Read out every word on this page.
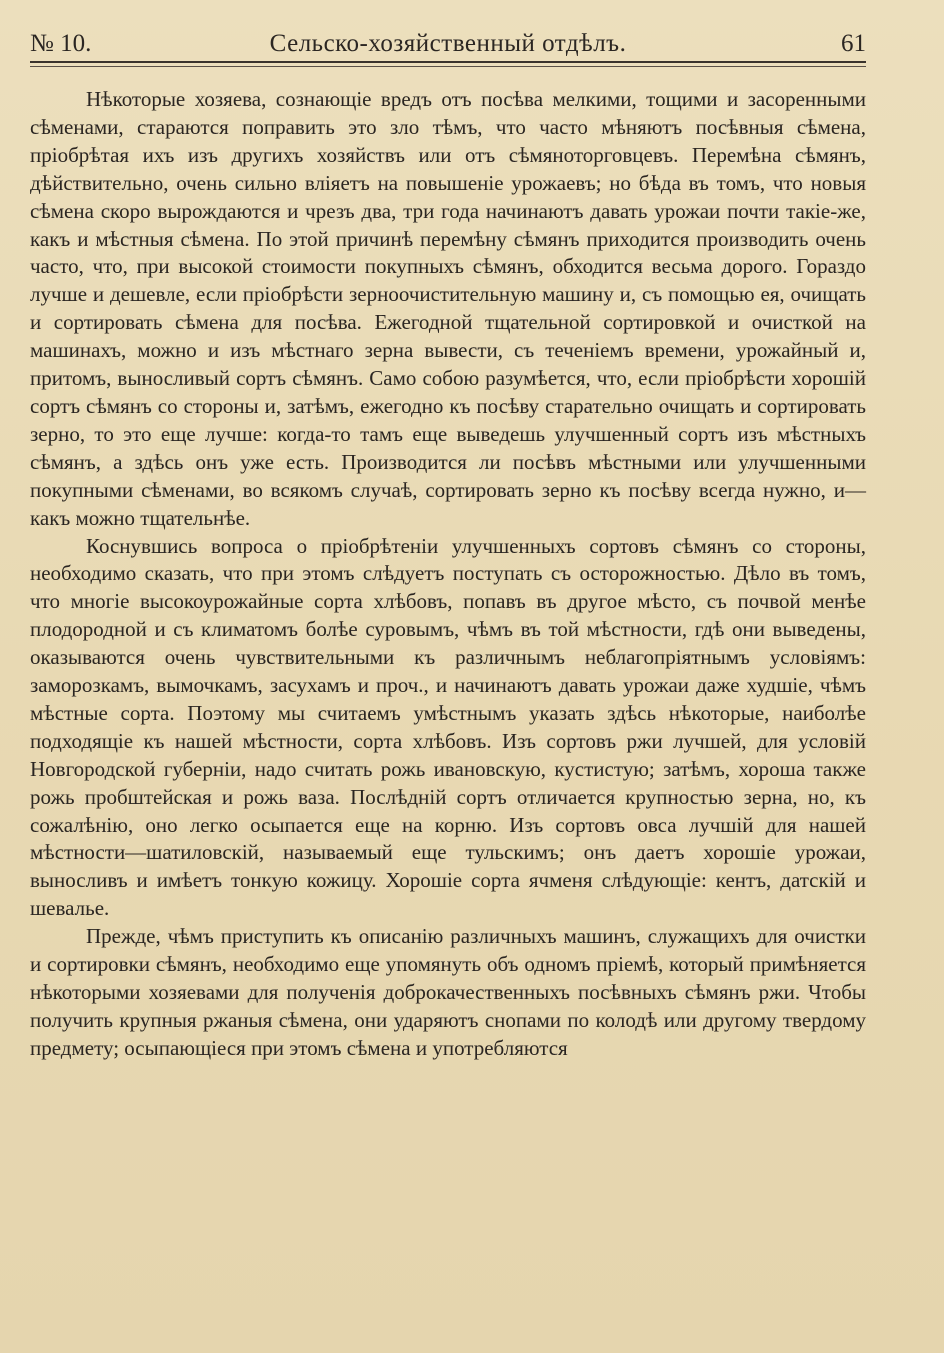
№ 10.	Сельско-хозяйственный отдѣлъ.	61

Нѣкоторые хозяева, сознающіе вредъ отъ посѣва мелкими, тощими и засоренными сѣменами, стараются поправить это зло тѣмъ, что часто мѣняютъ посѣвныя сѣмена, пріобрѣтая ихъ изъ другихъ хозяйствъ или отъ сѣмяноторговцевъ. Перемѣна сѣмянъ, дѣйствительно, очень сильно вліяетъ на повышеніе урожаевъ; но бѣда въ томъ, что новыя сѣмена скоро вырождаются и чрезъ два, три года начинаютъ давать урожаи почти такіе-же, какъ и мѣстныя сѣмена. По этой причинѣ перемѣну сѣмянъ приходится производить очень часто, что, при высокой стоимости покупныхъ сѣмянъ, обходится весьма дорого. Гораздо лучше и дешевле, если пріобрѣсти зерноочистительную машину и, съ помощью ея, очищать и сортировать сѣмена для посѣва. Ежегодной тщательной сортировкой и очисткой на машинахъ, можно и изъ мѣстнаго зерна вывести, съ теченіемъ времени, урожайный и, притомъ, выносливый сортъ сѣмянъ. Само собою разумѣется, что, если пріобрѣсти хорошій сортъ сѣмянъ со стороны и, затѣмъ, ежегодно къ посѣву старательно очищать и сортировать зерно, то это еще лучше: когда-то тамъ еще выведешь улучшенный сортъ изъ мѣстныхъ сѣмянъ, а здѣсь онъ уже есть. Производится ли посѣвъ мѣстными или улучшенными покупными сѣменами, во всякомъ случаѣ, сортировать зерно къ посѣву всегда нужно, и—какъ можно тщательнѣе.

Коснувшись вопроса о пріобрѣтеніи улучшенныхъ сортовъ сѣмянъ со стороны, необходимо сказать, что при этомъ слѣдуетъ поступать съ осторожностью. Дѣло въ томъ, что многіе высокоурожайные сорта хлѣбовъ, попавъ въ другое мѣсто, съ почвой менѣе плодородной и съ климатомъ болѣе суровымъ, чѣмъ въ той мѣстности, гдѣ они выведены, оказываются очень чувствительными къ различнымъ неблагопріятнымъ условіямъ: заморозкамъ, вымочкамъ, засухамъ и проч., и начинаютъ давать урожаи даже худшіе, чѣмъ мѣстные сорта. Поэтому мы считаемъ умѣстнымъ указать здѣсь нѣкоторые, наиболѣе подходящіе къ нашей мѣстности, сорта хлѣбовъ. Изъ сортовъ ржи лучшей, для условій Новгородской губерніи, надо считать рожь ивановскую, кустистую; затѣмъ, хороша также рожь пробштейская и рожь ваза. Послѣдній сортъ отличается крупностью зерна, но, къ сожалѣнію, оно легко осыпается еще на корню. Изъ сортовъ овса лучшій для нашей мѣстности—шатиловскій, называемый еще тульскимъ; онъ даетъ хорошіе урожаи, выносливъ и имѣетъ тонкую кожицу. Хорошіе сорта ячменя слѣдующіе: кентъ, датскій и шевалье.

Прежде, чѣмъ приступить къ описанію различныхъ машинъ, служащихъ для очистки и сортировки сѣмянъ, необходимо еще упомянуть объ одномъ пріемѣ, который примѣняется нѣкоторыми хозяевами для полученія доброкачественныхъ посѣвныхъ сѣмянъ ржи. Чтобы получить крупныя ржаныя сѣмена, они ударяютъ снопами по колодѣ или другому твердому предмету; осыпающіеся при этомъ сѣмена и употребляются
